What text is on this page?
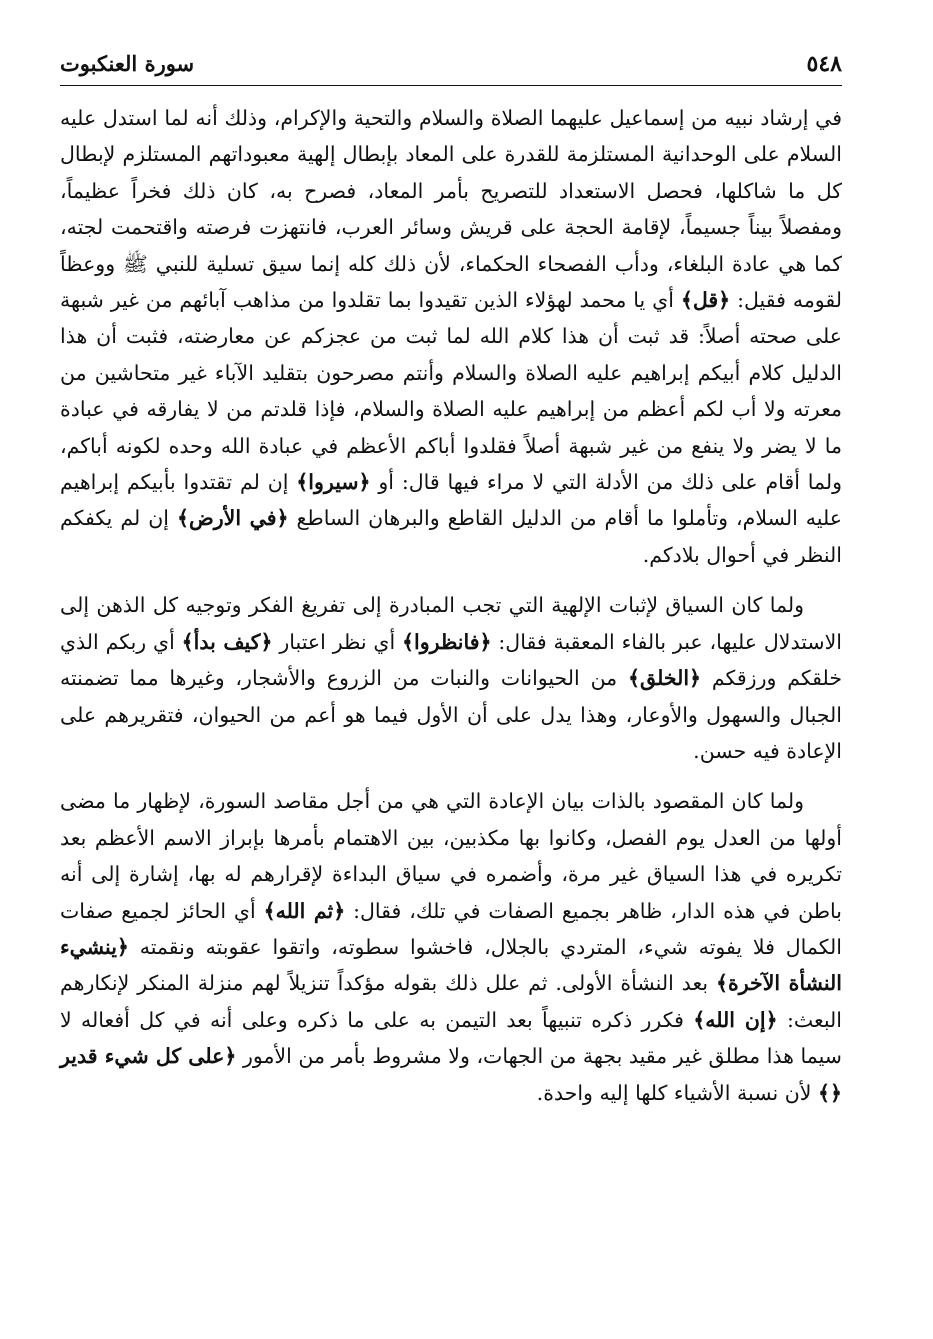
٥٤٨
سورة العنكبوت

في إرشاد نبيه من إسماعيل عليهما الصلاة والسلام والتحية والإكرام، وذلك أنه لما استدل عليه السلام على الوحدانية المستلزمة للقدرة على المعاد بإبطال إلهية معبوداتهم المستلزم لإبطال كل ما شاكلها، فحصل الاستعداد للتصريح بأمر المعاد، فصرح به، كان ذلك فخراً عظيماً، ومفصلاً بيناً جسيماً، لإقامة الحجة على قريش وسائر العرب، فانتهزت فرصته واقتحمت لجته، كما هي عادة البلغاء، ودأب الفصحاء الحكماء، لأن ذلك كله إنما سيق تسلية للنبي ﷺ ووعظاً لقومه فقيل: ﴿قل﴾ أي يا محمد لهؤلاء الذين تقيدوا بما تقلدوا من مذاهب آبائهم من غير شبهة على صحته أصلاً: قد ثبت أن هذا كلام الله لما ثبت من عجزكم عن معارضته، فثبت أن هذا الدليل كلام أبيكم إبراهيم عليه الصلاة والسلام وأنتم مصرحون بتقليد الآباء غير متحاشين من معرته ولا أب لكم أعظم من إبراهيم عليه الصلاة والسلام، فإذا قلدتم من لا يفارقه في عبادة ما لا يضر ولا ينفع من غير شبهة أصلاً فقلدوا أباكم الأعظم في عبادة الله وحده لكونه أباكم، ولما أقام على ذلك من الأدلة التي لا مراء فيها قال: أو ﴿سيروا﴾ إن لم تقتدوا بأبيكم إبراهيم عليه السلام، وتأملوا ما أقام من الدليل القاطع والبرهان الساطع ﴿في الأرض﴾ إن لم يكفكم النظر في أحوال بلادكم.

ولما كان السياق لإثبات الإلهية التي تجب المبادرة إلى تفريغ الفكر وتوجيه كل الذهن إلى الاستدلال عليها، عبر بالفاء المعقبة فقال: ﴿فانظروا﴾ أي نظر اعتبار ﴿كيف بدأ﴾ أي ربكم الذي خلقكم ورزقكم ﴿الخلق﴾ من الحيوانات والنبات من الزروع والأشجار، وغيرها مما تضمنته الجبال والسهول والأوعار، وهذا يدل على أن الأول فيما هو أعم من الحيوان، فتقريرهم على الإعادة فيه حسن.

ولما كان المقصود بالذات بيان الإعادة التي هي من أجل مقاصد السورة، لإظهار ما مضى أولها من العدل يوم الفصل، وكانوا بها مكذبين، بين الاهتمام بأمرها بإبراز الاسم الأعظم بعد تكريره في هذا السياق غير مرة، وأضمره في سياق البداءة لإقرارهم له بها، إشارة إلى أنه باطن في هذه الدار، ظاهر بجميع الصفات في تلك، فقال: ﴿ثم الله﴾ أي الحائز لجميع صفات الكمال فلا يفوته شيء، المتردي بالجلال، فاخشوا سطوته، واتقوا عقوبته ونقمته ﴿ينشيء النشأة الآخرة﴾ بعد النشأة الأولى. ثم علل ذلك بقوله مؤكداً تنزيلاً لهم منزلة المنكر لإنكارهم البعث: ﴿إن الله﴾ فكرر ذكره تنبيهاً بعد التيمن به على ما ذكره وعلى أنه في كل أفعاله لا سيما هذا مطلق غير مقيد بجهة من الجهات، ولا مشروط بأمر من الأمور ﴿على كل شيء قدير ﴿﴾ لأن نسبة الأشياء كلها إليه واحدة.
